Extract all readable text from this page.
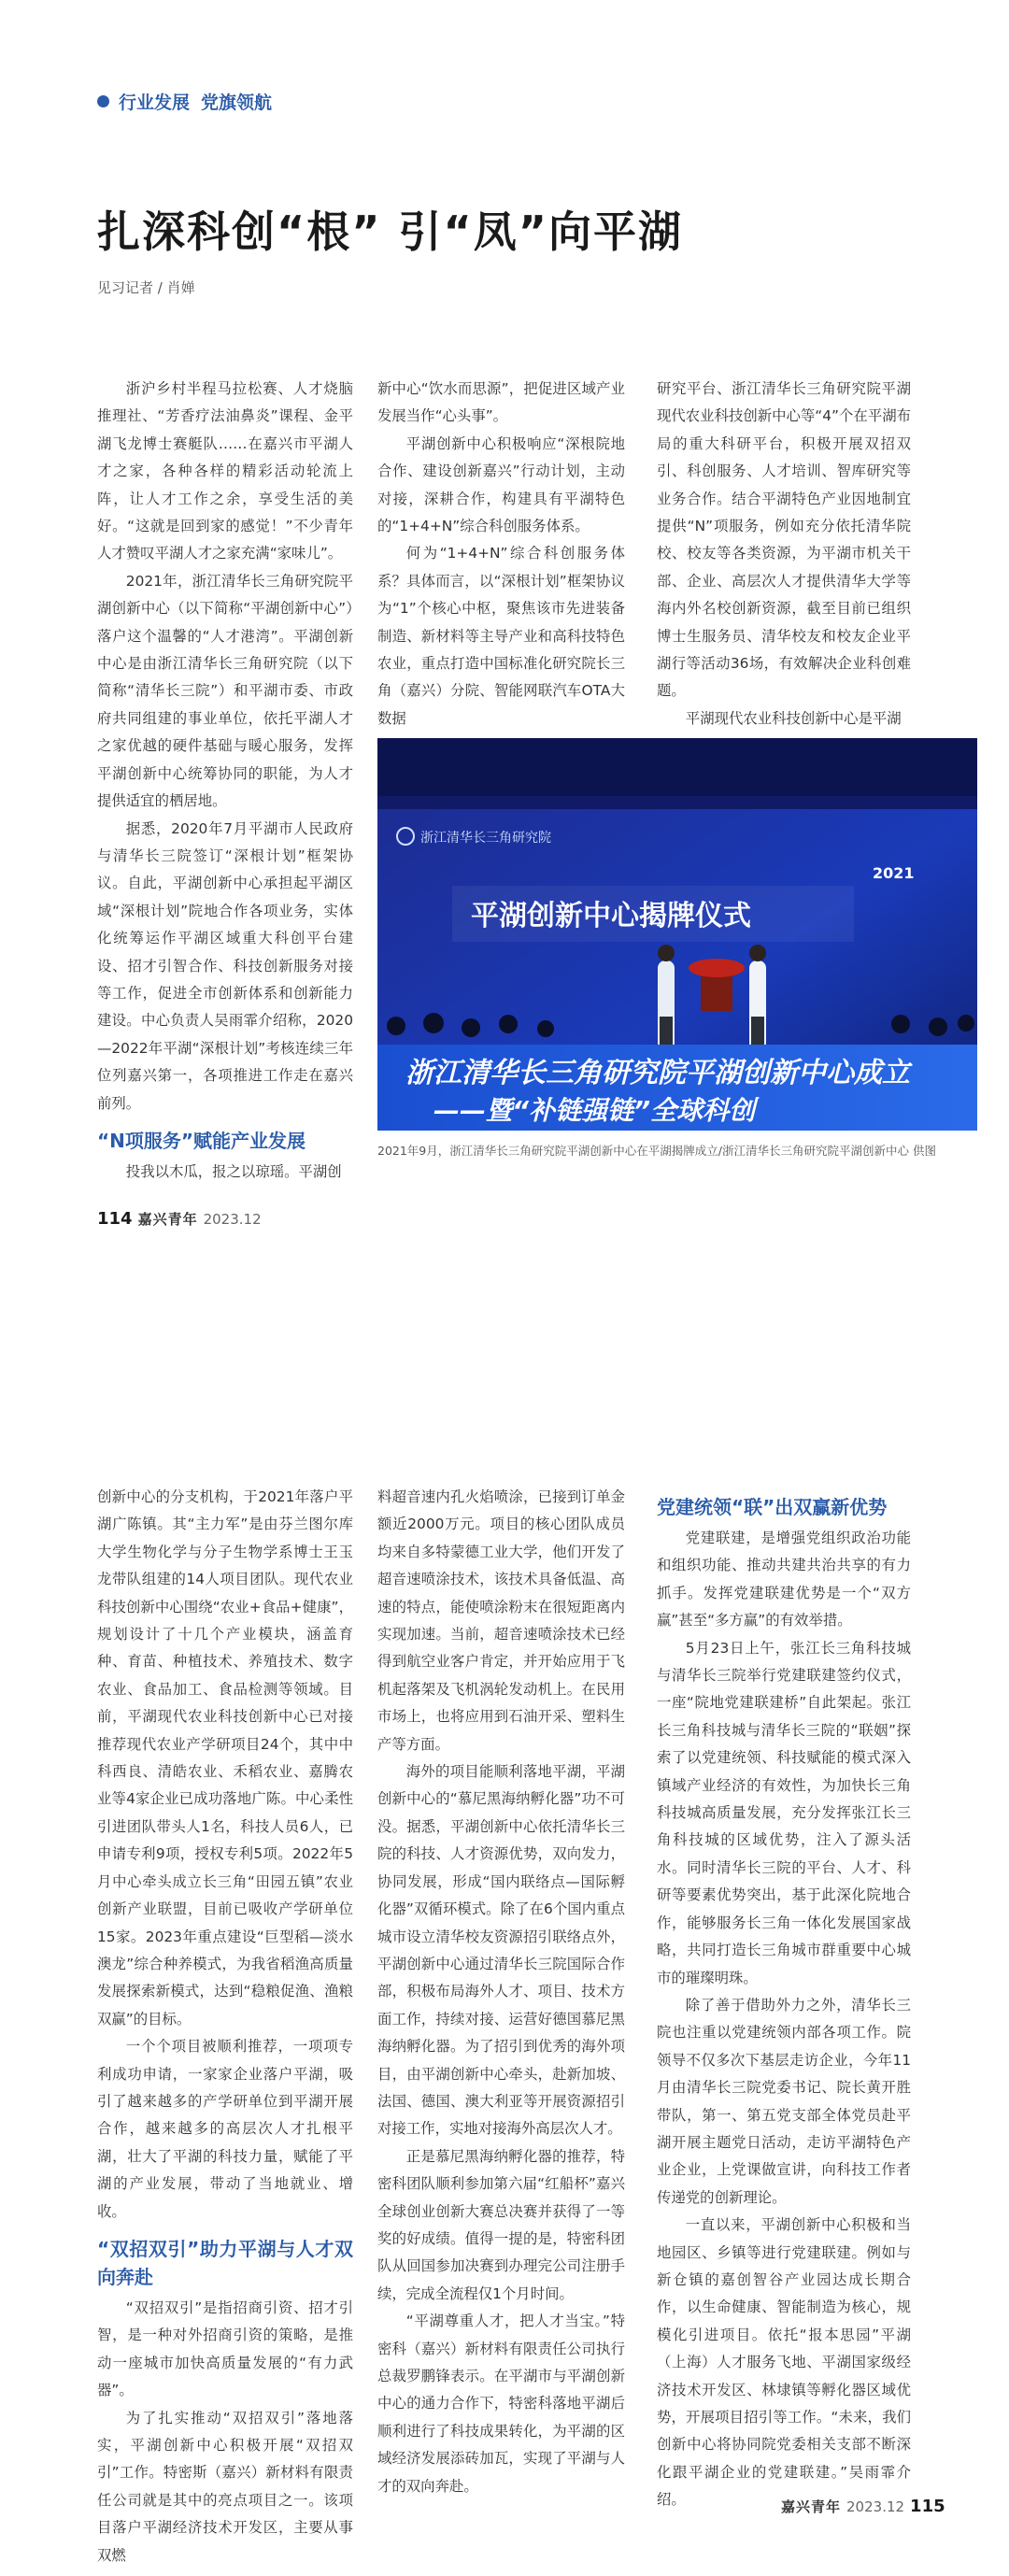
行业发展 党旗领航
扎深科创“根” 引“凤”向平湖
见习记者 / 肖婵

浙沪乡村半程马拉松赛、人才烧脑推理社、“芳香疗法油鼻炎”课程、金平湖飞龙博士赛艇队……在嘉兴市平湖人才之家，各种各样的精彩活动轮流上阵，让人才工作之余，享受生活的美好。“这就是回到家的感觉！”不少青年人才赞叹平湖人才之家充满“家味儿”。

2021年，浙江清华长三角研究院平湖创新中心（以下简称“平湖创新中心”）落户这个温馨的“人才港湾”。平湖创新中心是由浙江清华长三角研究院（以下简称“清华长三院”）和平湖市委、市政府共同组建的事业单位，依托平湖人才之家优越的硬件基础与暖心服务，发挥平湖创新中心统筹协同的职能，为人才提供适宜的栖居地。

据悉，2020年7月平湖市人民政府与清华长三院签订“深根计划”框架协议。自此，平湖创新中心承担起平湖区域“深根计划”院地合作各项业务，实体化统筹运作平湖区域重大科创平台建设、招才引智合作、科技创新服务对接等工作，促进全市创新体系和创新能力建设。中心负责人吴雨霏介绍称，2020—2022年平湖“深根计划”考核连续三年位列嘉兴第一，各项推进工作走在嘉兴前列。

“N项服务”赋能产业发展

投我以木瓜，报之以琼瑶。平湖创

新中心“饮水而思源”，把促进区域产业发展当作“心头事”。

平湖创新中心积极响应“深根院地合作、建设创新嘉兴”行动计划，主动对接，深耕合作，构建具有平湖特色的“1+4+N”综合科创服务体系。

何为“1+4+N”综合科创服务体系？具体而言，以“深根计划”框架协议为“1”个核心中枢，聚焦该市先进装备制造、新材料等主导产业和高科技特色农业，重点打造中国标准化研究院长三角（嘉兴）分院、智能网联汽车OTA大数据

研究平台、浙江清华长三角研究院平湖现代农业科技创新中心等“4”个在平湖布局的重大科研平台，积极开展双招双引、科创服务、人才培训、智库研究等业务合作。结合平湖特色产业因地制宜提供“N”项服务，例如充分依托清华院校、校友等各类资源，为平湖市机关干部、企业、高层次人才提供清华大学等海内外名校创新资源，截至目前已组织博士生服务员、清华校友和校友企业平湖行等活动36场，有效解决企业科创难题。

平湖现代农业科技创新中心是平湖

浙江清华长三角研究院
2021
平湖创新中心揭牌仪式
浙江清华长三角研究院平湖创新中心成立
——暨“补链强链”全球科创
2021年9月，浙江清华长三角研究院平湖创新中心在平湖揭牌成立/浙江清华长三角研究院平湖创新中心 供图
114 嘉兴青年 2023.12

创新中心的分支机构，于2021年落户平湖广陈镇。其“主力军”是由芬兰图尔库大学生物化学与分子生物学系博士王玉龙带队组建的14人项目团队。现代农业科技创新中心围绕“农业+食品+健康”，规划设计了十几个产业模块，涵盖育种、育苗、种植技术、养殖技术、数字农业、食品加工、食品检测等领域。目前，平湖现代农业科技创新中心已对接推荐现代农业产学研项目24个，其中中科西良、清皓农业、禾稻农业、嘉腾农业等4家企业已成功落地广陈。中心柔性引进团队带头人1名，科技人员6人，已申请专利9项，授权专利5项。2022年5月中心牵头成立长三角“田园五镇”农业创新产业联盟，目前已吸收产学研单位15家。2023年重点建设“巨型稻—淡水澳龙”综合种养模式，为我省稻渔高质量发展探索新模式，达到“稳粮促渔、渔粮双赢”的目标。

一个个项目被顺利推荐，一项项专利成功申请，一家家企业落户平湖，吸引了越来越多的产学研单位到平湖开展合作，越来越多的高层次人才扎根平湖，壮大了平湖的科技力量，赋能了平湖的产业发展，带动了当地就业、增收。

“双招双引”助力平湖与人才双向奔赴

“双招双引”是指招商引资、招才引智，是一种对外招商引资的策略，是推动一座城市加快高质量发展的“有力武器”。

为了扎实推动“双招双引”落地落实，平湖创新中心积极开展“双招双引”工作。特密斯（嘉兴）新材料有限责任公司就是其中的亮点项目之一。该项目落户平湖经济技术开发区，主要从事双燃

料超音速内孔火焰喷涂，已接到订单金额近2000万元。项目的核心团队成员均来自多特蒙德工业大学，他们开发了超音速喷涂技术，该技术具备低温、高速的特点，能使喷涂粉末在很短距离内实现加速。当前，超音速喷涂技术已经得到航空业客户肯定，并开始应用于飞机起落架及飞机涡轮发动机上。在民用市场上，也将应用到石油开采、塑料生产等方面。

海外的项目能顺利落地平湖，平湖创新中心的“慕尼黑海纳孵化器”功不可没。据悉，平湖创新中心依托清华长三院的科技、人才资源优势，双向发力，协同发展，形成“国内联络点—国际孵化器”双循环模式。除了在6个国内重点城市设立清华校友资源招引联络点外，平湖创新中心通过清华长三院国际合作部，积极布局海外人才、项目、技术方面工作，持续对接、运营好德国慕尼黑海纳孵化器。为了招引到优秀的海外项目，由平湖创新中心牵头，赴新加坡、法国、德国、澳大利亚等开展资源招引对接工作，实地对接海外高层次人才。

正是慕尼黑海纳孵化器的推荐，特密科团队顺利参加第六届“红船杯”嘉兴全球创业创新大赛总决赛并获得了一等奖的好成绩。值得一提的是，特密科团队从回国参加决赛到办理完公司注册手续，完成全流程仅1个月时间。

“平湖尊重人才，把人才当宝。”特密科（嘉兴）新材料有限责任公司执行总裁罗鹏锋表示。在平湖市与平湖创新中心的通力合作下，特密科落地平湖后顺利进行了科技成果转化，为平湖的区域经济发展添砖加瓦，实现了平湖与人才的双向奔赴。

党建统领“联”出双赢新优势

党建联建，是增强党组织政治功能和组织功能、推动共建共治共享的有力抓手。发挥党建联建优势是一个“双方赢”甚至“多方赢”的有效举措。

5月23日上午，张江长三角科技城与清华长三院举行党建联建签约仪式，一座“院地党建联建桥”自此架起。张江长三角科技城与清华长三院的“联姻”探索了以党建统领、科技赋能的模式深入镇域产业经济的有效性，为加快长三角科技城高质量发展，充分发挥张江长三角科技城的区域优势，注入了源头活水。同时清华长三院的平台、人才、科研等要素优势突出，基于此深化院地合作，能够服务长三角一体化发展国家战略，共同打造长三角城市群重要中心城市的璀璨明珠。

除了善于借助外力之外，清华长三院也注重以党建统领内部各项工作。院领导不仅多次下基层走访企业，今年11月由清华长三院党委书记、院长黄开胜带队，第一、第五党支部全体党员赴平湖开展主题党日活动，走访平湖特色产业企业，上党课做宣讲，向科技工作者传递党的创新理论。

一直以来，平湖创新中心积极和当地园区、乡镇等进行党建联建。例如与新仓镇的嘉创智谷产业园达成长期合作，以生命健康、智能制造为核心，规模化引进项目。依托“报本思园”平湖（上海）人才服务飞地、平湖国家级经济技术开发区、林埭镇等孵化器区域优势，开展项目招引等工作。“未来，我们创新中心将协同院党委相关支部不断深化跟平湖企业的党建联建。”吴雨霏介绍。	嘉兴青年 2023.12 115
